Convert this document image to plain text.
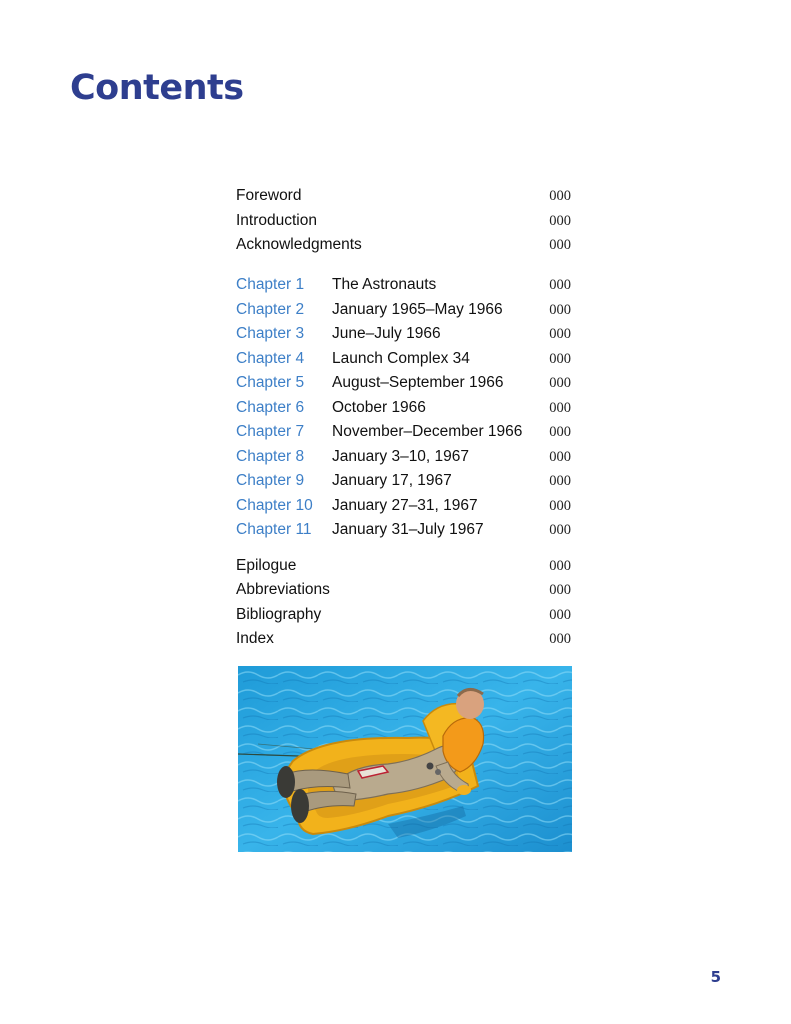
Contents
Foreword	000
Introduction	000
Acknowledgments	000
Chapter 1 The Astronauts	000
Chapter 2 January 1965–May 1966	000
Chapter 3 June–July 1966	000
Chapter 4 Launch Complex 34	000
Chapter 5 August–September 1966	000
Chapter 6 October 1966	000
Chapter 7 November–December 1966 000
Chapter 8 January 3–10, 1967	000
Chapter 9 January 17, 1967	000
Chapter 10 January 27–31, 1967	000
Chapter 11 January 31–July 1967	000
Epilogue	000
Abbreviations	000
Bibliography	000
Index	000
5
